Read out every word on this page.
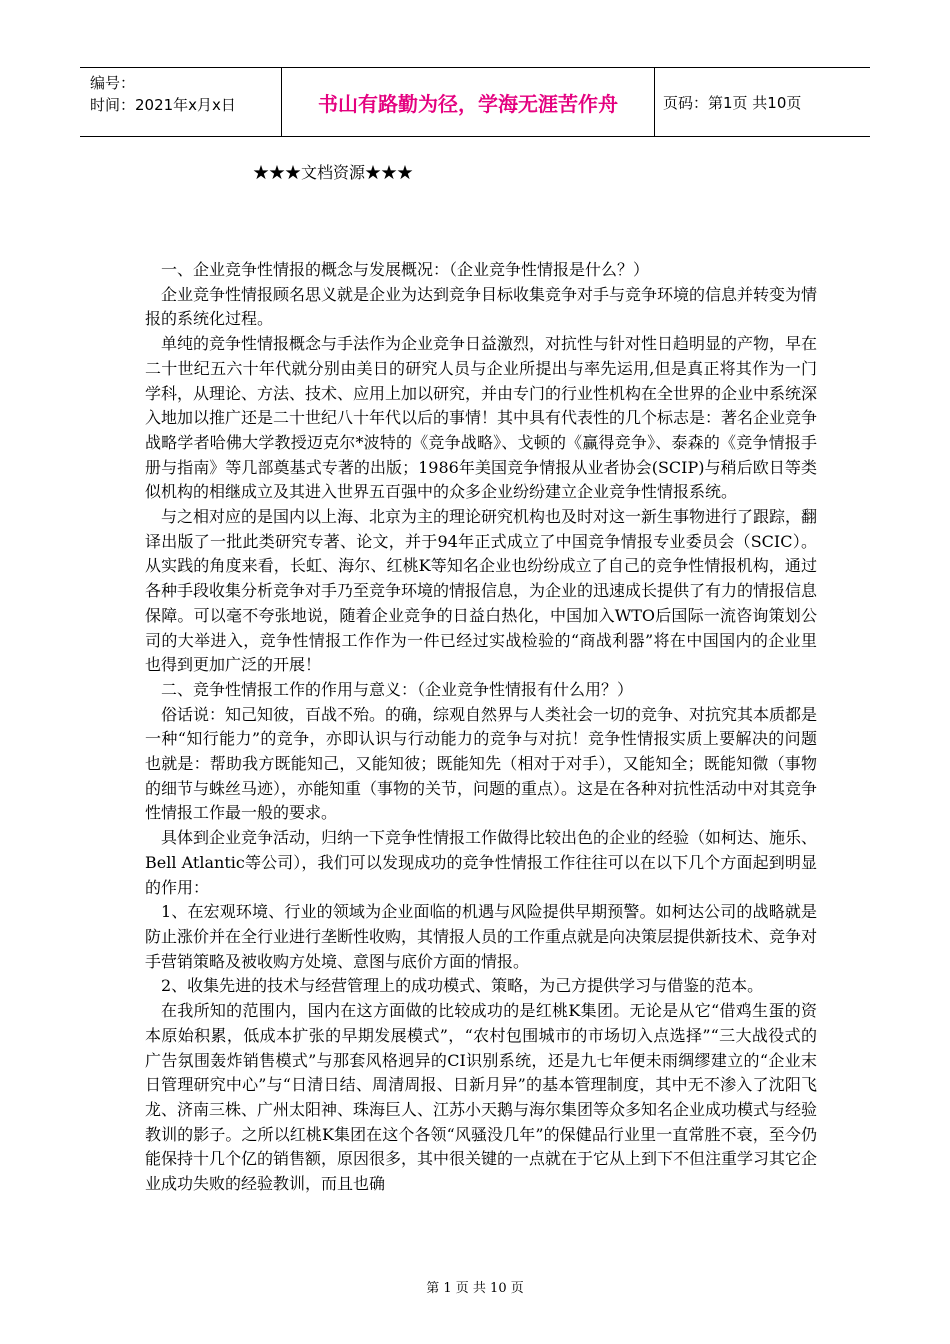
编号：
时间：2021年x月x日	书山有路勤为径，学海无涯苦作舟	页码：第1页 共10页
★★★文档资源★★★

一、企业竞争性情报的概念与发展概况：（企业竞争性情报是什么？）

企业竞争性情报顾名思义就是企业为达到竞争目标收集竞争对手与竞争环境的信息并转变为情报的系统化过程。

单纯的竞争性情报概念与手法作为企业竞争日益激烈，对抗性与针对性日趋明显的产物，早在二十世纪五六十年代就分别由美日的研究人员与企业所提出与率先运用,但是真正将其作为一门学科，从理论、方法、技术、应用上加以研究，并由专门的行业性机构在全世界的企业中系统深入地加以推广还是二十世纪八十年代以后的事情！其中具有代表性的几个标志是：著名企业竞争战略学者哈佛大学教授迈克尔*波特的《竞争战略》、戈顿的《赢得竞争》、泰森的《竞争情报手册与指南》等几部奠基式专著的出版；1986年美国竞争情报从业者协会(SCIP)与稍后欧日等类似机构的相继成立及其进入世界五百强中的众多企业纷纷建立企业竞争性情报系统。

与之相对应的是国内以上海、北京为主的理论研究机构也及时对这一新生事物进行了跟踪，翻译出版了一批此类研究专著、论文，并于94年正式成立了中国竞争情报专业委员会（SCIC）。从实践的角度来看，长虹、海尔、红桃K等知名企业也纷纷成立了自己的竞争性情报机构，通过各种手段收集分析竞争对手乃至竞争环境的情报信息，为企业的迅速成长提供了有力的情报信息保障。可以毫不夸张地说，随着企业竞争的日益白热化，中国加入WTO后国际一流咨询策划公司的大举进入，竞争性情报工作作为一件已经过实战检验的“商战利器”将在中国国内的企业里也得到更加广泛的开展！

二、竞争性情报工作的作用与意义：（企业竞争性情报有什么用？）

俗话说：知己知彼，百战不殆。的确，综观自然界与人类社会一切的竞争、对抗究其本质都是一种“知行能力”的竞争，亦即认识与行动能力的竞争与对抗！竞争性情报实质上要解决的问题也就是：帮助我方既能知己，又能知彼；既能知先（相对于对手），又能知全；既能知微（事物的细节与蛛丝马迹），亦能知重（事物的关节，问题的重点）。这是在各种对抗性活动中对其竞争性情报工作最一般的要求。

具体到企业竞争活动，归纳一下竞争性情报工作做得比较出色的企业的经验（如柯达、施乐、 Bell Atlantic等公司），我们可以发现成功的竞争性情报工作往往可以在以下几个方面起到明显的作用：

1、在宏观环境、行业的领域为企业面临的机遇与风险提供早期预警。如柯达公司的战略就是防止涨价并在全行业进行垄断性收购，其情报人员的工作重点就是向决策层提供新技术、竞争对手营销策略及被收购方处境、意图与底价方面的情报。

2、收集先进的技术与经营管理上的成功模式、策略，为己方提供学习与借鉴的范本。

在我所知的范围内，国内在这方面做的比较成功的是红桃K集团。无论是从它“借鸡生蛋的资本原始积累，低成本扩张的早期发展模式”，“农村包围城市的市场切入点选择”“三大战役式的广告氛围轰炸销售模式”与那套风格迥异的CI识别系统，还是九七年便未雨绸缪建立的“企业末日管理研究中心”与“日清日结、周清周报、日新月异”的基本管理制度，其中无不渗入了沈阳飞龙、济南三株、广州太阳神、珠海巨人、江苏小天鹅与海尔集团等众多知名企业成功模式与经验教训的影子。之所以红桃K集团在这个各领“风骚没几年”的保健品行业里一直常胜不衰，至今仍能保持十几个亿的销售额，原因很多，其中很关键的一点就在于它从上到下不但注重学习其它企业成功失败的经验教训，而且也确

第 1 页 共 10 页
